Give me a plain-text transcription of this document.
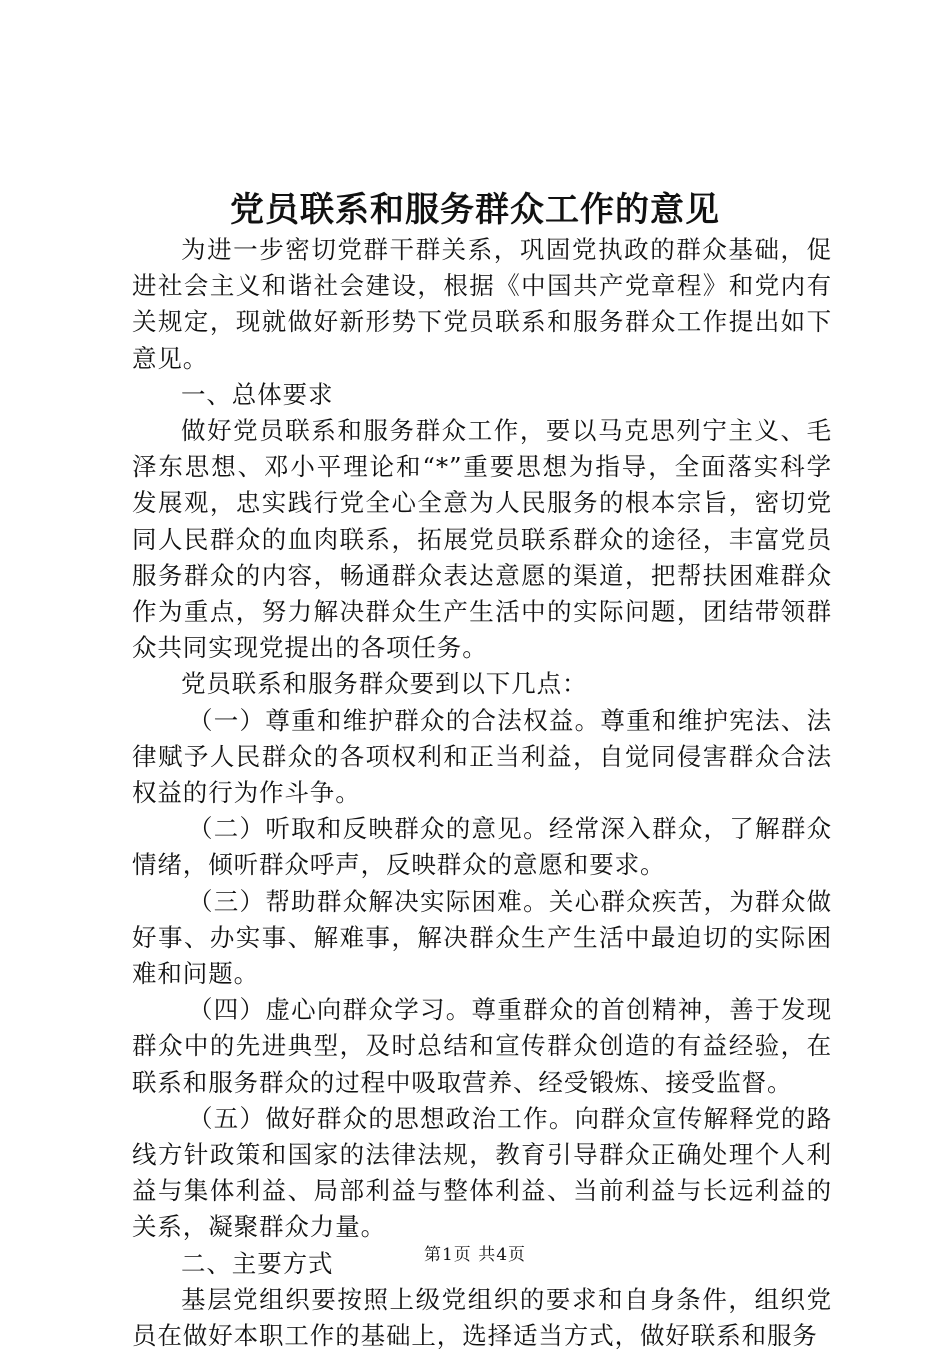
党员联系和服务群众工作的意见

为进一步密切党群干群关系，巩固党执政的群众基础，促进社会主义和谐社会建设，根据《中国共产党章程》和党内有关规定，现就做好新形势下党员联系和服务群众工作提出如下意见。

一、总体要求

做好党员联系和服务群众工作，要以马克思列宁主义、毛泽东思想、邓小平理论和“*”重要思想为指导，全面落实科学发展观，忠实践行党全心全意为人民服务的根本宗旨，密切党同人民群众的血肉联系，拓展党员联系群众的途径，丰富党员服务群众的内容，畅通群众表达意愿的渠道，把帮扶困难群众作为重点，努力解决群众生产生活中的实际问题，团结带领群众共同实现党提出的各项任务。

党员联系和服务群众要到以下几点：

（一）尊重和维护群众的合法权益。尊重和维护宪法、法律赋予人民群众的各项权利和正当利益，自觉同侵害群众合法权益的行为作斗争。

（二）听取和反映群众的意见。经常深入群众，了解群众情绪，倾听群众呼声，反映群众的意愿和要求。

（三）帮助群众解决实际困难。关心群众疾苦，为群众做好事、办实事、解难事，解决群众生产生活中最迫切的实际困难和问题。

（四）虚心向群众学习。尊重群众的首创精神，善于发现群众中的先进典型，及时总结和宣传群众创造的有益经验，在联系和服务群众的过程中吸取营养、经受锻炼、接受监督。

（五）做好群众的思想政治工作。向群众宣传解释党的路线方针政策和国家的法律法规，教育引导群众正确处理个人利益与集体利益、局部利益与整体利益、当前利益与长远利益的关系，凝聚群众力量。

二、主要方式

基层党组织要按照上级党组织的要求和自身条件，组织党员在做好本职工作的基础上，选择适当方式，做好联系和服务

第1页 共4页
